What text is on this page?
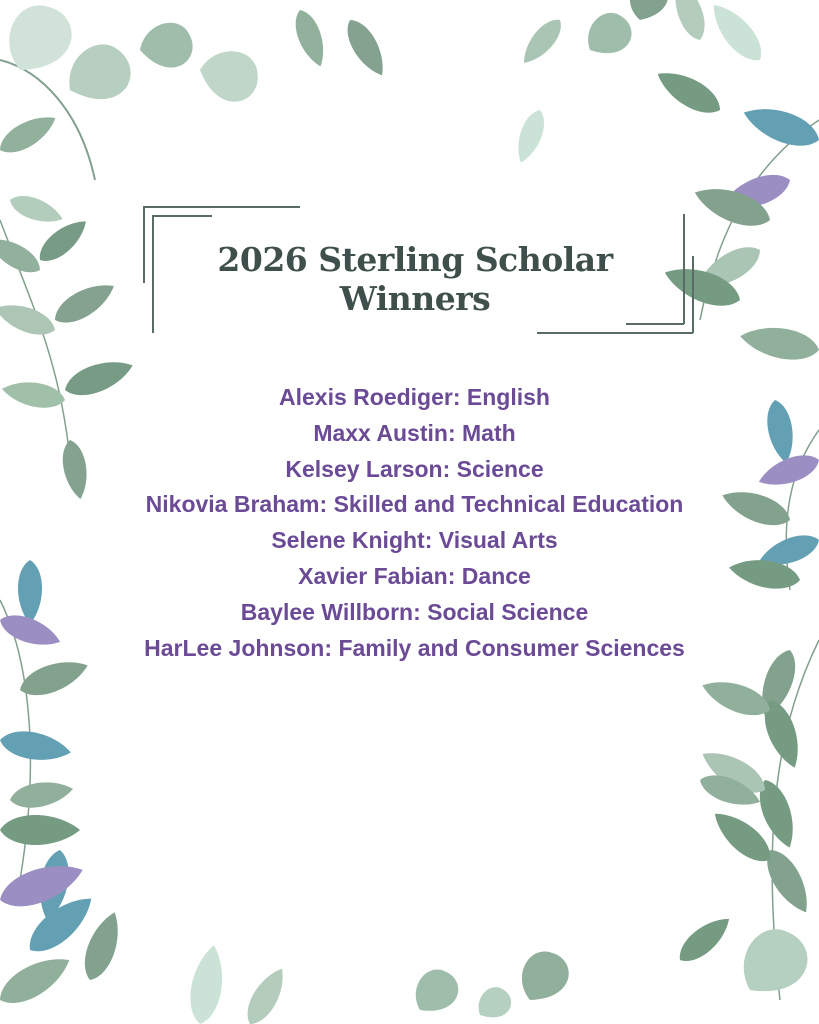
2026 Sterling Scholar Winners
Alexis Roediger: English
Maxx Austin: Math
Kelsey Larson: Science
Nikovia Braham: Skilled and Technical Education
Selene Knight: Visual Arts
Xavier Fabian: Dance
Baylee Willborn: Social Science
HarLee Johnson: Family and Consumer Sciences
